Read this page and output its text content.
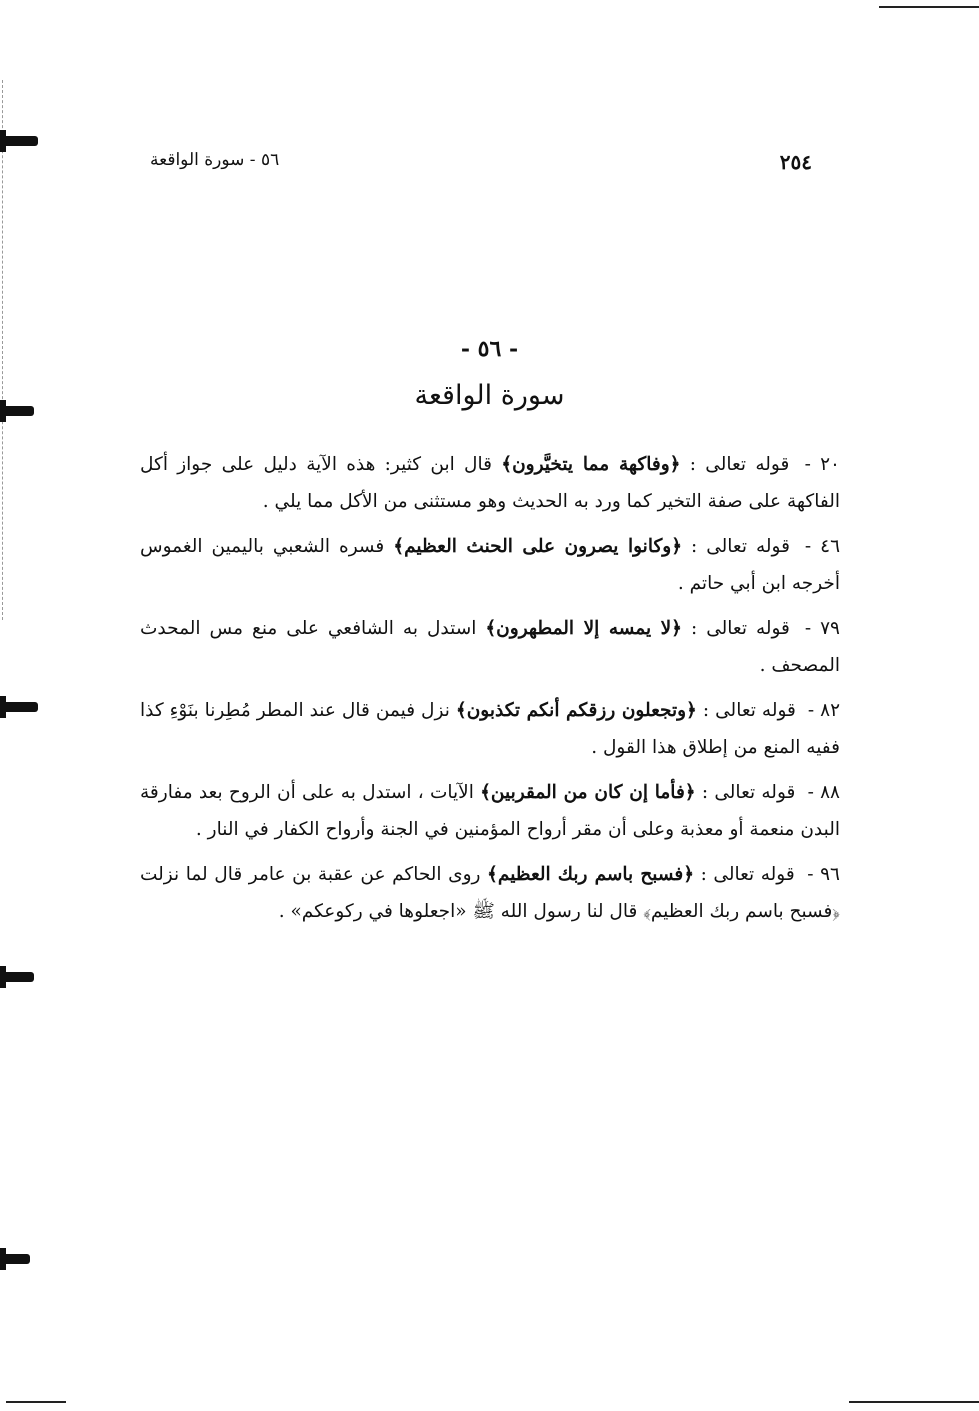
٢٥٤
٥٦ - سورة الواقعة
- ٥٦ -
سورة الواقعة

٢٠ - قوله تعالى : ﴿وفاكهة مما يتخيَّرون﴾ قال ابن كثير: هذه الآية دليل على جواز أكل الفاكهة على صفة التخير كما ورد به الحديث وهو مستثنى من الأكل مما يلي .

٤٦ - قوله تعالى : ﴿وكانوا يصرون على الحنث العظيم﴾ فسره الشعبي باليمين الغموس أخرجه ابن أبي حاتم .

٧٩ - قوله تعالى : ﴿لا يمسه إلا المطهرون﴾ استدل به الشافعي على منع مس المحدث المصحف .

٨٢ - قوله تعالى : ﴿وتجعلون رزقكم أنكم تكذبون﴾ نزل فيمن قال عند المطر مُطِرنا بنَوْءِ كذا ففيه المنع من إطلاق هذا القول .

٨٨ - قوله تعالى : ﴿فأما إن كان من المقربين﴾ الآيات ، استدل به على أن الروح بعد مفارقة البدن منعمة أو معذبة وعلى أن مقر أرواح المؤمنين في الجنة وأرواح الكفار في النار .

٩٦ - قوله تعالى : ﴿فسبح باسم ربك العظيم﴾ روى الحاكم عن عقبة بن عامر قال لما نزلت ﴿فسبح باسم ربك العظيم﴾ قال لنا رسول الله ﷺ «اجعلوها في ركوعكم» .
